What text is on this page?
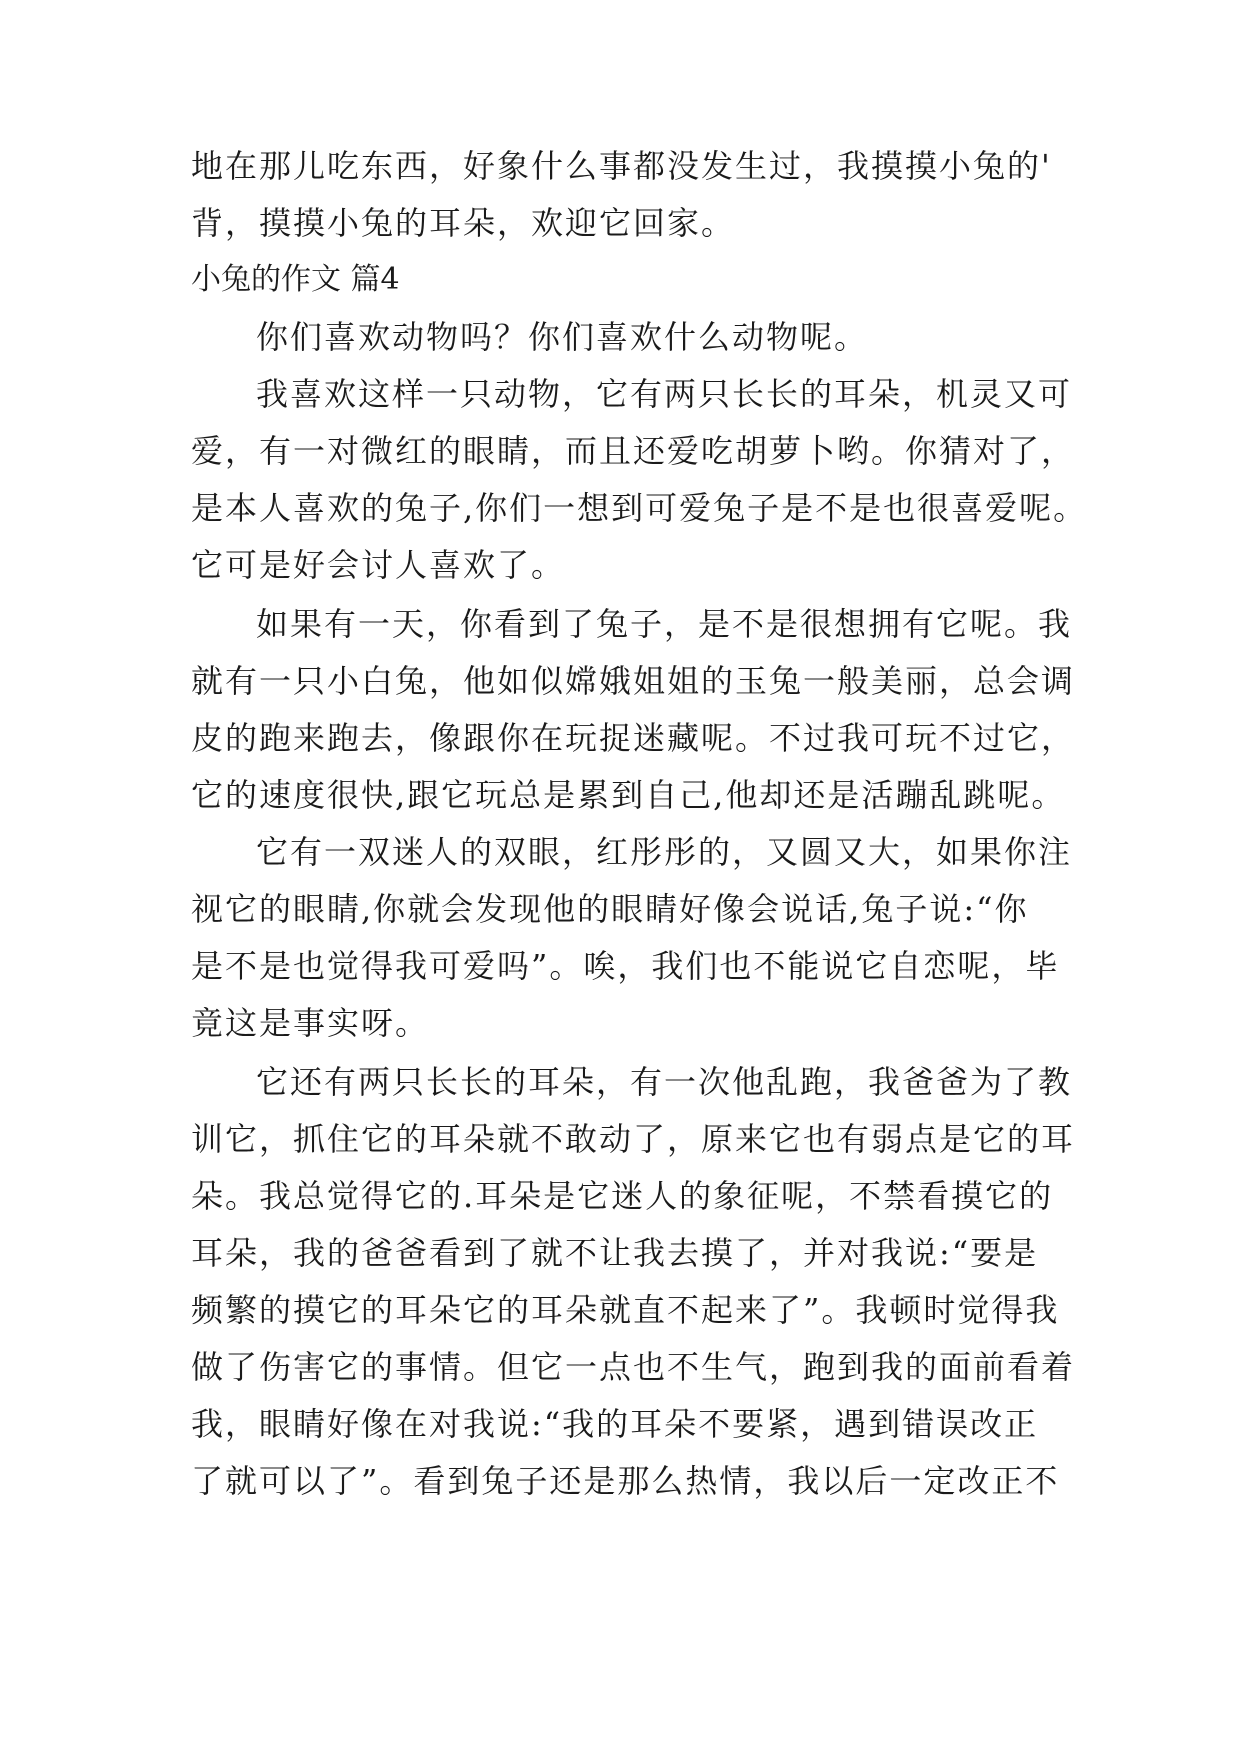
地在那儿吃东西，好象什么事都没发生过，我摸摸小兔的'

背，摸摸小兔的耳朵，欢迎它回家。

小兔的作文 篇4

你们喜欢动物吗？你们喜欢什么动物呢。

我喜欢这样一只动物，它有两只长长的耳朵，机灵又可

爱，有一对微红的眼睛，而且还爱吃胡萝卜哟。你猜对了，

是本人喜欢的兔子,你们一想到可爱兔子是不是也很喜爱呢。

它可是好会讨人喜欢了。

如果有一天，你看到了兔子，是不是很想拥有它呢。我

就有一只小白兔，他如似嫦娥姐姐的玉兔一般美丽，总会调

皮的跑来跑去，像跟你在玩捉迷藏呢。不过我可玩不过它，

它的速度很快,跟它玩总是累到自己,他却还是活蹦乱跳呢。

它有一双迷人的双眼，红彤彤的，又圆又大，如果你注

视它的眼睛,你就会发现他的眼睛好像会说话,兔子说:“你

是不是也觉得我可爱吗”。唉，我们也不能说它自恋呢，毕

竟这是事实呀。

它还有两只长长的耳朵，有一次他乱跑，我爸爸为了教

训它，抓住它的耳朵就不敢动了，原来它也有弱点是它的耳

朵。我总觉得它的.耳朵是它迷人的象征呢，不禁看摸它的

耳朵，我的爸爸看到了就不让我去摸了，并对我说:“要是

频繁的摸它的耳朵它的耳朵就直不起来了”。我顿时觉得我

做了伤害它的事情。但它一点也不生气，跑到我的面前看着

我，眼睛好像在对我说:“我的耳朵不要紧，遇到错误改正

了就可以了”。看到兔子还是那么热情，我以后一定改正不
